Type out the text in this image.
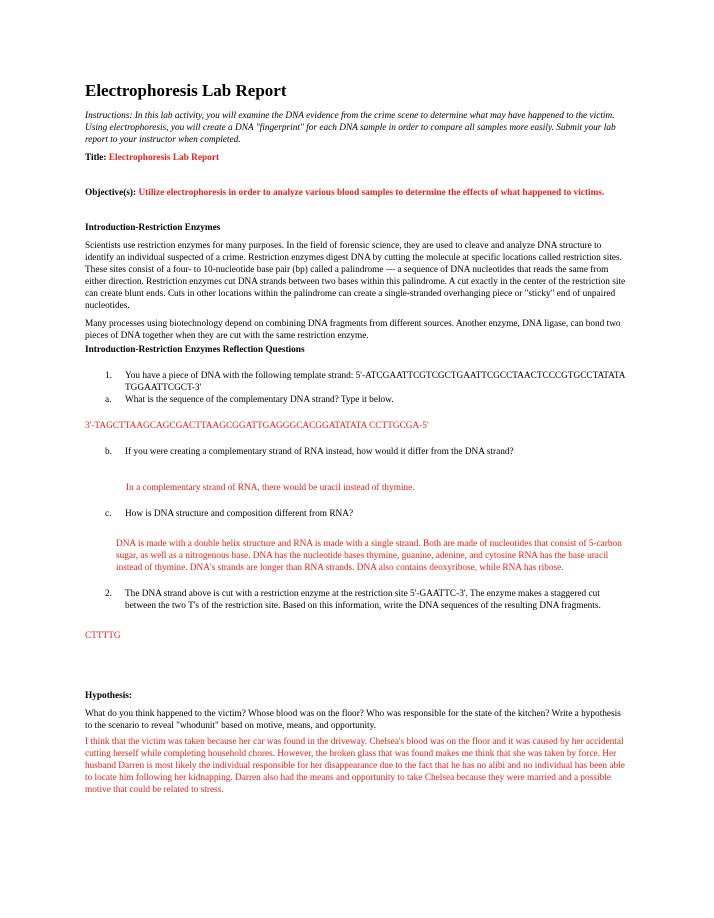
Electrophoresis Lab Report

Instructions: In this lab activity, you will examine the DNA evidence from the crime scene to determine what may have happened to the victim. Using electrophoresis, you will create a DNA "fingerprint" for each DNA sample in order to compare all samples more easily. Submit your lab report to your instructor when completed.

Title: Electrophoresis Lab Report

Objective(s): Utilize electrophoresis in order to analyze various blood samples to determine the effects of what happened to victims.

Introduction-Restriction Enzymes

Scientists use restriction enzymes for many purposes. In the field of forensic science, they are used to cleave and analyze DNA structure to identify an individual suspected of a crime. Restriction enzymes digest DNA by cutting the molecule at specific locations called restriction sites. These sites consist of a four- to 10-nucleotide base pair (bp) called a palindrome — a sequence of DNA nucleotides that reads the same from either direction. Restriction enzymes cut DNA strands between two bases within this palindrome. A cut exactly in the center of the restriction site can create blunt ends. Cuts in other locations within the palindrome can create a single-stranded overhanging piece or "sticky" end of unpaired nucleotides.

Many processes using biotechnology depend on combining DNA fragments from different sources. Another enzyme, DNA ligase, can bond two pieces of DNA together when they are cut with the same restriction enzyme.

Introduction-Restriction Enzymes Reflection Questions

1.	You have a piece of DNA with the following template strand: 5'-ATCGAATTCGTCGCTGAATTCGCCTAACTCCCGTGCCTATATATGGAATTCGCT-3'
a.	What is the sequence of the complementary DNA strand? Type it below.

3'-TAGCTTAAGCAGCGACTTAAGCGGATTGAGGGCACGGATATATA CCTTGCGA-5'

b.	If you were creating a complementary strand of RNA instead, how would it differ from the DNA strand?

In a complementary strand of RNA, there would be uracil instead of thymine.

c.	How is DNA structure and composition different from RNA?

DNA is made with a double helix structure and RNA is made with a single strand. Both are made of nucleotides that consist of 5-carbon sugar, as well as a nitrogenous base. DNA has the nucleotide bases thymine, guanine, adenine, and cytosine RNA has the base uracil instead of thymine. DNA's strands are longer than RNA strands. DNA also contains deoxyribose, while RNA has ribose.

2.	The DNA strand above is cut with a restriction enzyme at the restriction site 5'-GAATTC-3'. The enzyme makes a staggered cut between the two T's of the restriction site. Based on this information, write the DNA sequences of the resulting DNA fragments.

CTTTTG

Hypothesis:

What do you think happened to the victim? Whose blood was on the floor? Who was responsible for the state of the kitchen? Write a hypothesis to the scenario to reveal "whodunit" based on motive, means, and opportunity.

I think that the victim was taken because her car was found in the driveway. Chelsea's blood was on the floor and it was caused by her accidental cutting herself while completing household chores. However, the broken glass that was found makes me think that she was taken by force. Her husband Darren is most likely the individual responsible for her disappearance due to the fact that he has no alibi and no individual has been able to locate him following her kidnapping. Darren also had the means and opportunity to take Chelsea because they were married and a possible motive that could be related to stress.
